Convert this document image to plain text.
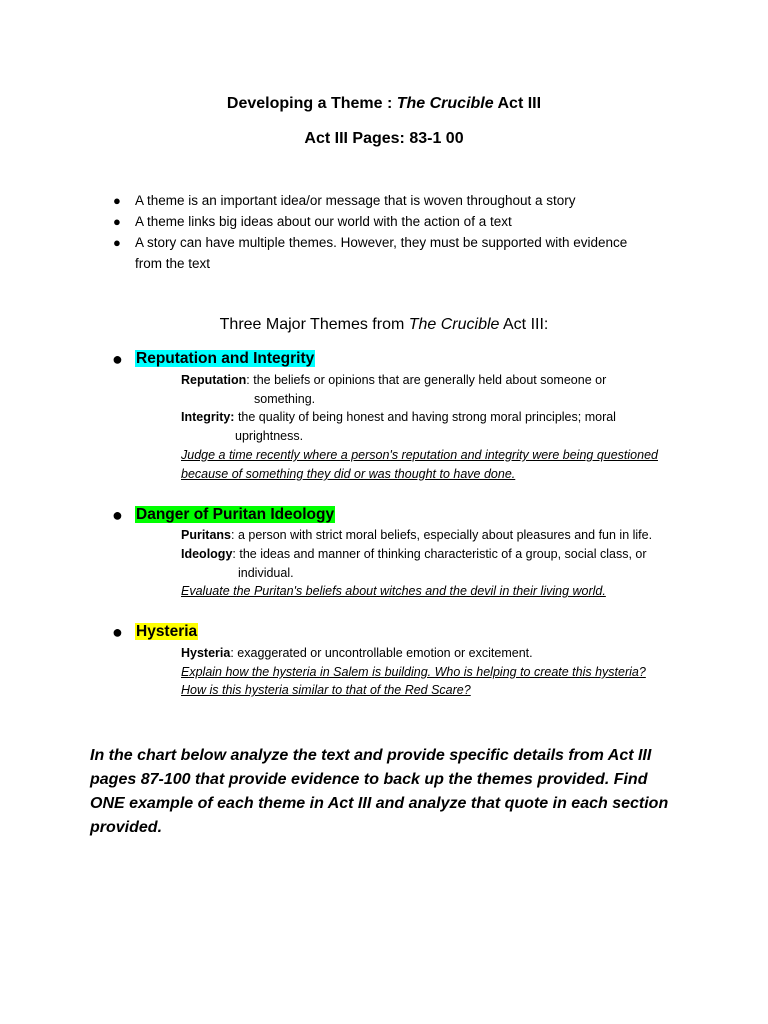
Developing a Theme : The Crucible Act III
Act III Pages: 83-1 00
● A theme is an important idea/or message that is woven throughout a story
● A theme links big ideas about our world with the action of a text
● A story can have multiple themes. However, they must be supported with evidence
from the text
Three Major Themes from The Crucible Act III:
● Reputation and Integrity
Reputation: the beliefs or opinions that are generally held about someone or
something.
Integrity: the quality of being honest and having strong moral principles; moral
uprightness.
Judge a time recently where a person's reputation and integrity were being questioned
because of something they did or was thought to have done.
● Danger of Puritan Ideology
Puritans: a person with strict moral beliefs, especially about pleasures and fun in life.
Ideology: the ideas and manner of thinking characteristic of a group, social class, or
individual.
Evaluate the Puritan's beliefs about witches and the devil in their living world.
● Hysteria
Hysteria: exaggerated or uncontrollable emotion or excitement.
Explain how the hysteria in Salem is building. Who is helping to create this hysteria?
How is this hysteria similar to that of the Red Scare?
In the chart below analyze the text and provide specific details from Act III pages 87-100 that provide evidence to back up the themes provided. Find ONE example of each theme in Act III and analyze that quote in each section provided.
